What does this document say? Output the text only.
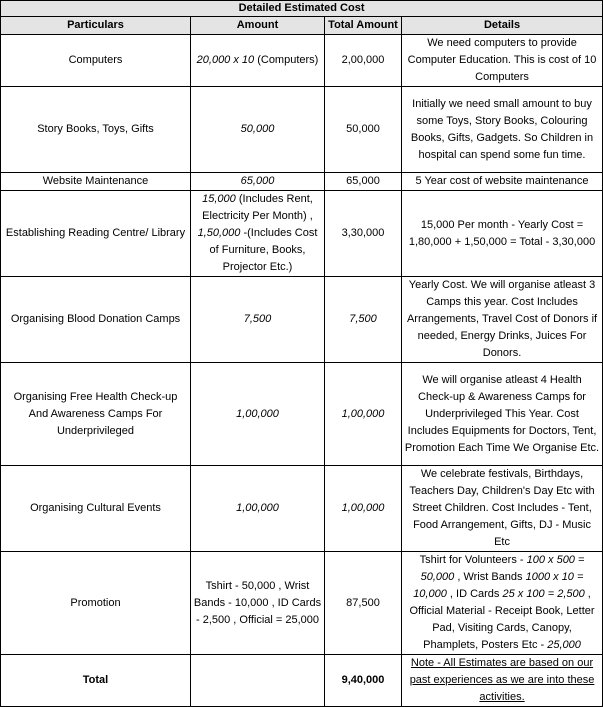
Detailed Estimated Cost			
Particulars	Amount	Total Amount	Details
Computers	20,000 x 10 (Computers)	2,00,000	We need computers to provide Computer Education. This is cost of 10 Computers
Story Books, Toys, Gifts	50,000	50,000	Initially we need small amount to buy some Toys, Story Books, Colouring Books, Gifts, Gadgets. So Children in hospital can spend some fun time.
Website Maintenance	65,000	65,000	5 Year cost of website maintenance
Establishing Reading Centre/ Library	15,000 (Includes Rent, Electricity Per Month) , 1,50,000 -(Includes Cost of Furniture, Books, Projector Etc.)	3,30,000	15,000 Per month - Yearly Cost = 1,80,000 + 1,50,000 = Total - 3,30,000
Organising Blood Donation Camps	7,500	7,500	Yearly Cost. We will organise atleast 3 Camps this year. Cost Includes Arrangements, Travel Cost of Donors if needed, Energy Drinks, Juices For Donors.
Organising Free Health Check-up And Awareness Camps For Underprivileged	1,00,000	1,00,000	We will organise atleast 4 Health Check-up & Awareness Camps for Underprivileged This Year. Cost Includes Equipments for Doctors, Tent, Promotion Each Time We Organise Etc.
Organising Cultural Events	1,00,000	1,00,000	We celebrate festivals, Birthdays, Teachers Day, Children's Day Etc with Street Children. Cost Includes - Tent, Food Arrangement, Gifts, DJ - Music Etc
Promotion	Tshirt - 50,000 , Wrist Bands - 10,000 , ID Cards - 2,500 , Official = 25,000	87,500	Tshirt for Volunteers - 100 x 500 = 50,000 , Wrist Bands 1000 x 10 = 10,000 , ID Cards 25 x 100 = 2,500 , Official Material - Receipt Book, Letter Pad, Visiting Cards, Canopy, Phamplets, Posters Etc - 25,000
Total		9,40,000	Note - All Estimates are based on our past experiences as we are into these activities.
